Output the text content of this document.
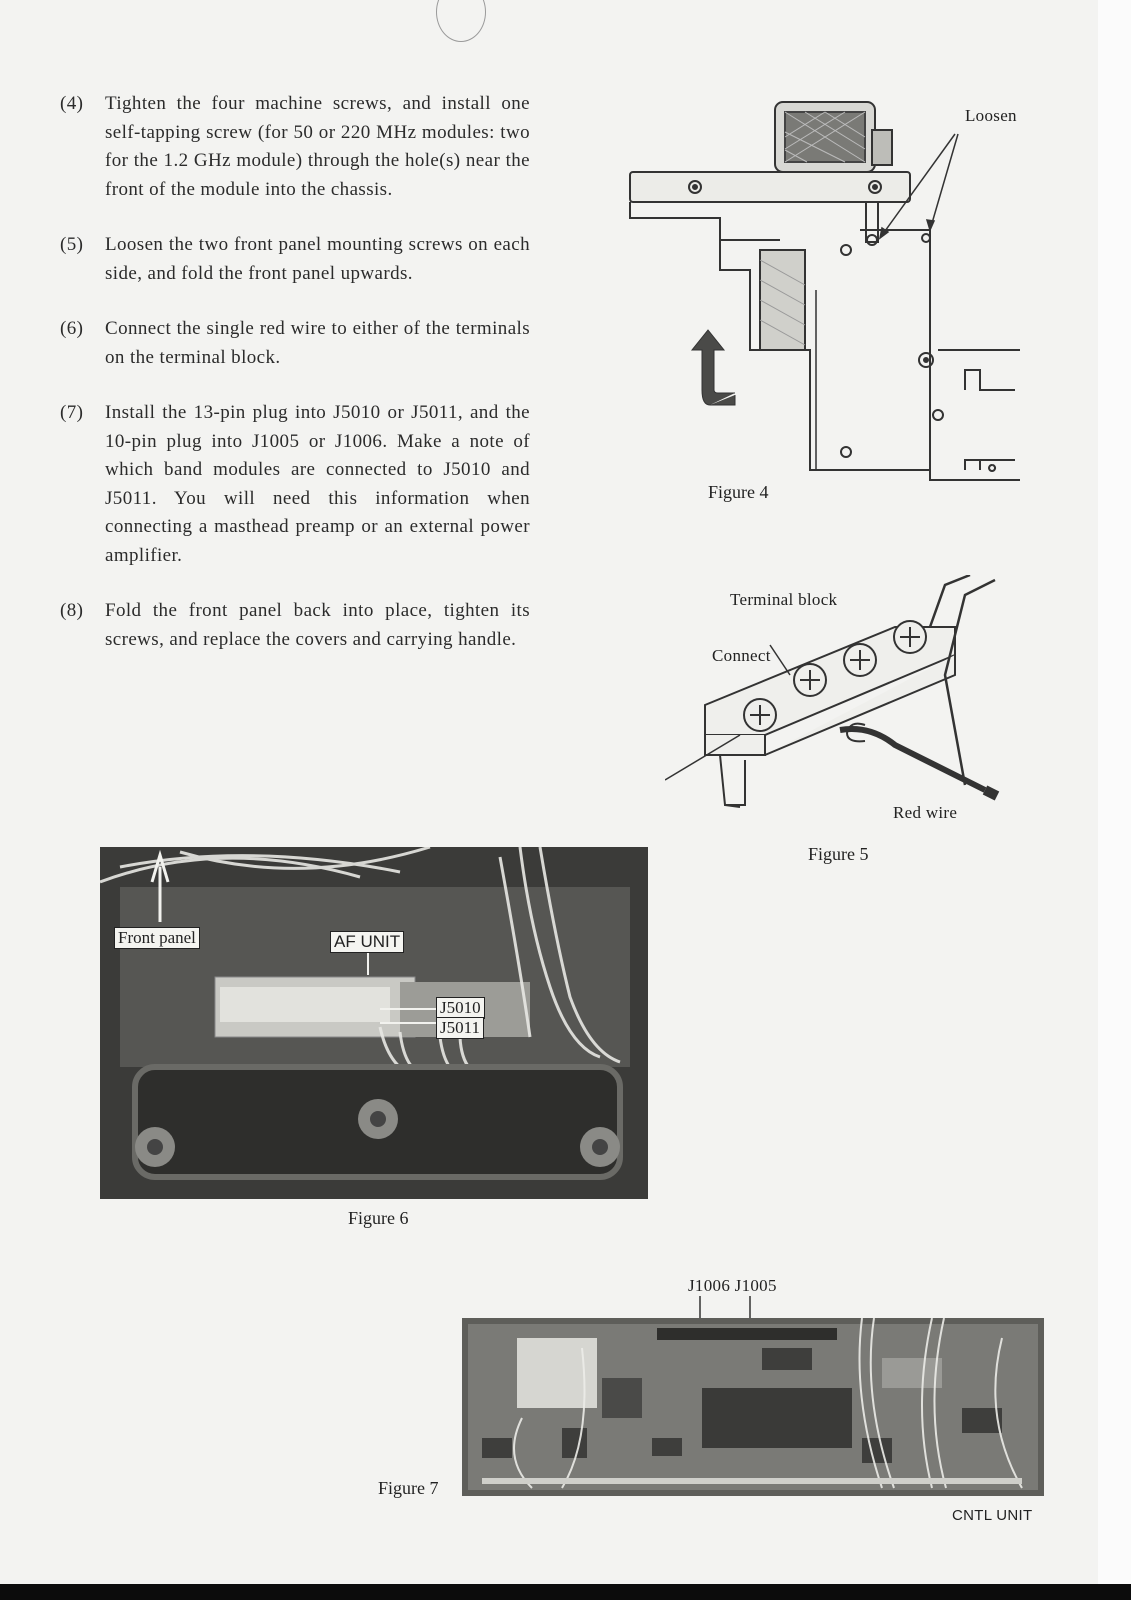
(4) Tighten the four machine screws, and install one self-tapping screw (for 50 or 220 MHz modules: two for the 1.2 GHz module) through the hole(s) near the front of the module into the chassis.
(5) Loosen the two front panel mounting screws on each side, and fold the front panel upwards.
(6) Connect the single red wire to either of the terminals on the terminal block.
(7) Install the 13-pin plug into J5010 or J5011, and the 10-pin plug into J1005 or J1006. Make a note of which band modules are connected to J5010 and J5011. You will need this information when connecting a masthead preamp or an external power amplifier.
(8) Fold the front panel back into place, tighten its screws, and replace the covers and carrying handle.
Loosen
Figure 4
Terminal block
Connect
Red wire
Figure 5
Front panel	AF UNIT
J5010
J5011
Figure 6
J1006 J1005
Figure 7
CNTL UNIT
